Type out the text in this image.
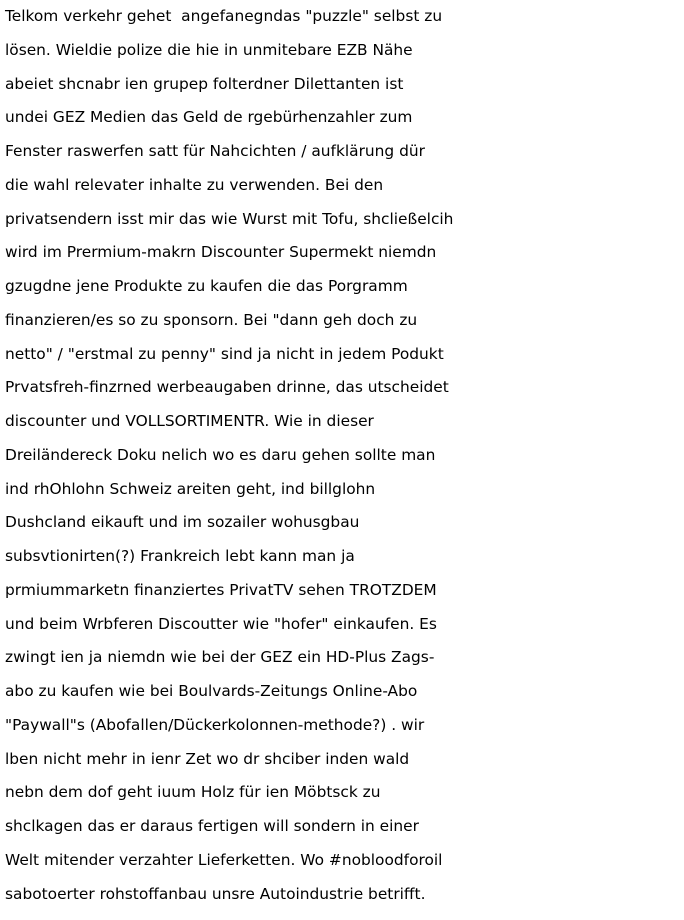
Telkom verkehr gehet  angefanegndas "puzzle" selbst zu
lösen. Wieldie polize die hie in unmitebare EZB Nähe
abeiet shcnabr ien grupep folterdner Dilettanten ist
undei GEZ Medien das Geld de rgebürhenzahler zum
Fenster raswerfen satt für Nahcichten / aufklärung dür
die wahl relevater inhalte zu verwenden. Bei den
privatsendern isst mir das wie Wurst mit Tofu, shcließelcih
wird im Prermium-makrn Discounter Supermekt niemdn
gzugdne jene Produkte zu kaufen die das Porgramm
finanzieren/es so zu sponsorn. Bei "dann geh doch zu
netto" / "erstmal zu penny" sind ja nicht in jedem Podukt
Prvatsfreh-finzrned werbeaugaben drinne, das utscheidet
discounter und VOLLSORTIMENTR. Wie in dieser
Dreiländereck Doku nelich wo es daru gehen sollte man
ind rhOhlohn Schweiz areiten geht, ind billglohn
Dushcland eikauft und im sozailer wohusgbau
subsvtionirten(?) Frankreich lebt kann man ja
prmiummarketn finanziertes PrivatTV sehen TROTZDEM
und beim Wrbferen Discoutter wie "hofer" einkaufen. Es
zwingt ien ja niemdn wie bei der GEZ ein HD-Plus Zags-
abo zu kaufen wie bei Boulvards-Zeitungs Online-Abo
"Paywall"s (Abofallen/Dückerkolonnen-methode?) . wir
lben nicht mehr in ienr Zet wo dr shciber inden wald
nebn dem dof geht iuum Holz für ien Möbtsck zu
shclkagen das er daraus fertigen will sondern in einer
Welt mitender verzahter Lieferketten. Wo #nobloodforoil
sabotoerter rohstoffanbau unsre Autoindustrie betrifft.
